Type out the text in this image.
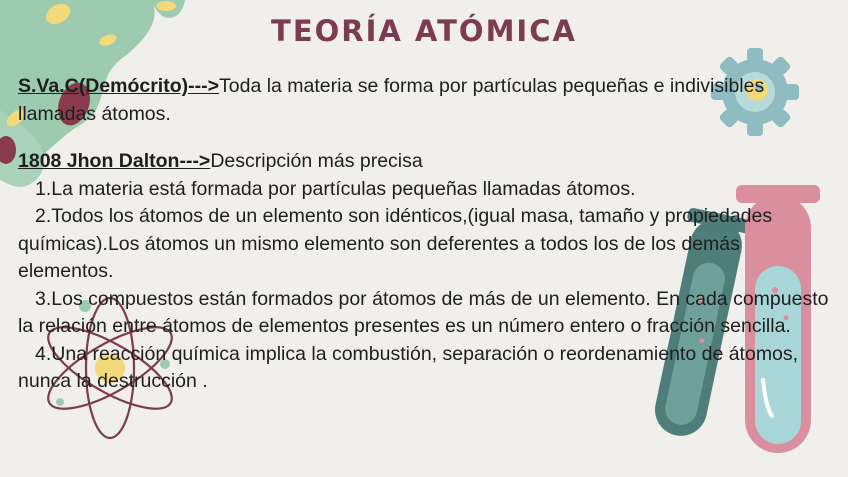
TEORÍA ATÓMICA

S.Va.C(Demócrito)--->Toda la materia se forma por partículas pequeñas e indivisibles llamadas átomos.

1808 Jhon Dalton--->Descripción más precisa

1.La materia está formada por partículas pequeñas llamadas átomos.

2.Todos los átomos de un elemento son idénticos,(igual masa, tamaño y propiedades químicas).Los átomos un mismo elemento son deferentes a todos los de los demás elementos.

3.Los compuestos están formados por átomos de más de un elemento. En cada compuesto la relación entre átomos de elementos presentes es un número entero o fracción sencilla.

4.Una reacción química implica la combustión, separación o reordenamiento de átomos, nunca la destrucción .
